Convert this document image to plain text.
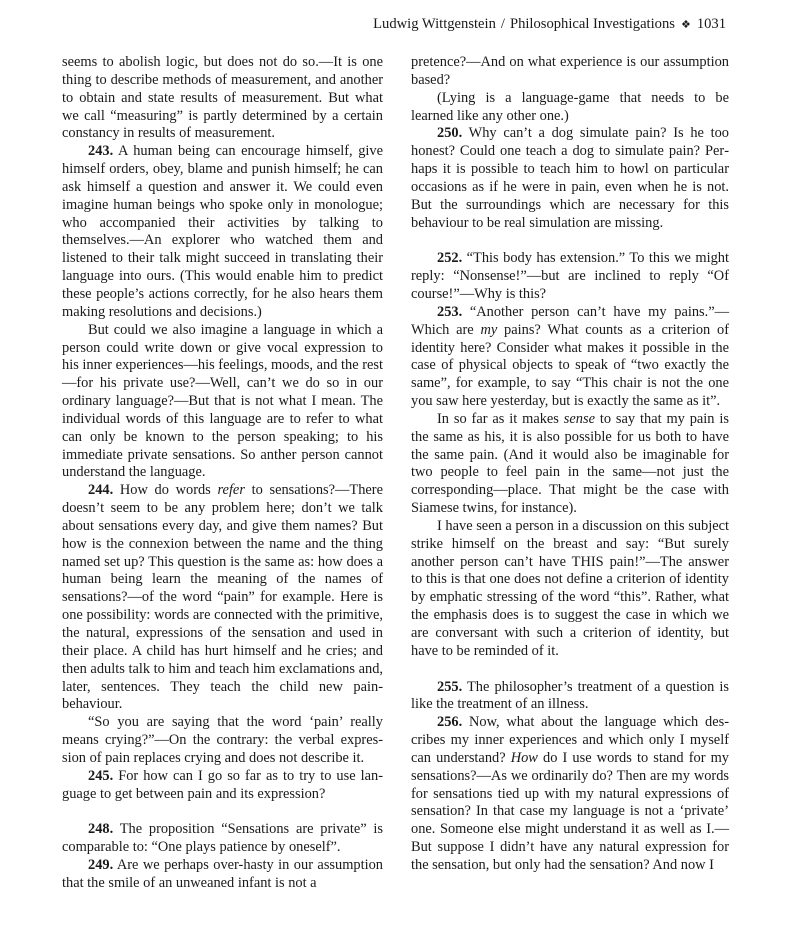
Ludwig Wittgenstein / Philosophical Investigations ❖ 1031

seems to abolish logic, but does not do so.—It is one thing to describe methods of measurement, and another to obtain and state results of measurement. But what we call “measuring” is partly determined by a certain constancy in results of measurement.

243. A human being can encourage himself, give himself orders, obey, blame and punish himself; he can ask himself a question and answer it. We could even imagine human beings who spoke only in monologue; who accompanied their activities by talking to themselves.—An explorer who watched them and listened to their talk might succeed in translating their language into ours. (This would enable him to predict these people’s actions correctly, for he also hears them making resolutions and decisions.)

But could we also imagine a language in which a person could write down or give vocal expression to his inner experiences—his feelings, moods, and the rest—for his private use?—Well, can’t we do so in our ordinary language?—But that is not what I mean. The individual words of this language are to refer to what can only be known to the person speaking; to his immediate private sensations. So anther person cannot understand the language.

244. How do words refer to sensations?—There doesn’t seem to be any problem here; don’t we talk about sensations every day, and give them names? But how is the connexion between the name and the thing named set up? This question is the same as: how does a human being learn the meaning of the names of sensations?—of the word “pain” for example. Here is one possibility: words are connected with the primitive, the natural, expressions of the sensation and used in their place. A child has hurt himself and he cries; and then adults talk to him and teach him exclamations and, later, sentences. They teach the child new pain-behaviour.

“So you are saying that the word ‘pain’ really means crying?”—On the contrary: the verbal expression of pain replaces crying and does not describe it.

245. For how can I go so far as to try to use language to get between pain and its expression?

248. The proposition “Sensations are private” is comparable to: “One plays patience by oneself”.

249. Are we perhaps over-hasty in our assumption that the smile of an unweaned infant is not a

pretence?—And on what experience is our assumption based?

(Lying is a language-game that needs to be learned like any other one.)

250. Why can’t a dog simulate pain? Is he too honest? Could one teach a dog to simulate pain? Perhaps it is possible to teach him to howl on particular occasions as if he were in pain, even when he is not. But the surroundings which are necessary for this behaviour to be real simulation are missing.

252. “This body has extension.” To this we might reply: “Nonsense!”—but are inclined to reply “Of course!”—Why is this?

253. “Another person can’t have my pains.”— Which are my pains? What counts as a criterion of identity here? Consider what makes it possible in the case of physical objects to speak of “two exactly the same”, for example, to say “This chair is not the one you saw here yesterday, but is exactly the same as it”.

In so far as it makes sense to say that my pain is the same as his, it is also possible for us both to have the same pain. (And it would also be imaginable for two people to feel pain in the same—not just the corresponding—place. That might be the case with Siamese twins, for instance).

I have seen a person in a discussion on this subject strike himself on the breast and say: “But surely another person can’t have THIS pain!”—The answer to this is that one does not define a criterion of identity by emphatic stressing of the word “this”. Rather, what the emphasis does is to suggest the case in which we are conversant with such a criterion of identity, but have to be reminded of it.

255. The philosopher’s treatment of a question is like the treatment of an illness.

256. Now, what about the language which describes my inner experiences and which only I myself can understand? How do I use words to stand for my sensations?—As we ordinarily do? Then are my words for sensations tied up with my natural expressions of sensation? In that case my language is not a ‘private’ one. Someone else might understand it as well as I.— But suppose I didn’t have any natural expression for the sensation, but only had the sensation? And now I
